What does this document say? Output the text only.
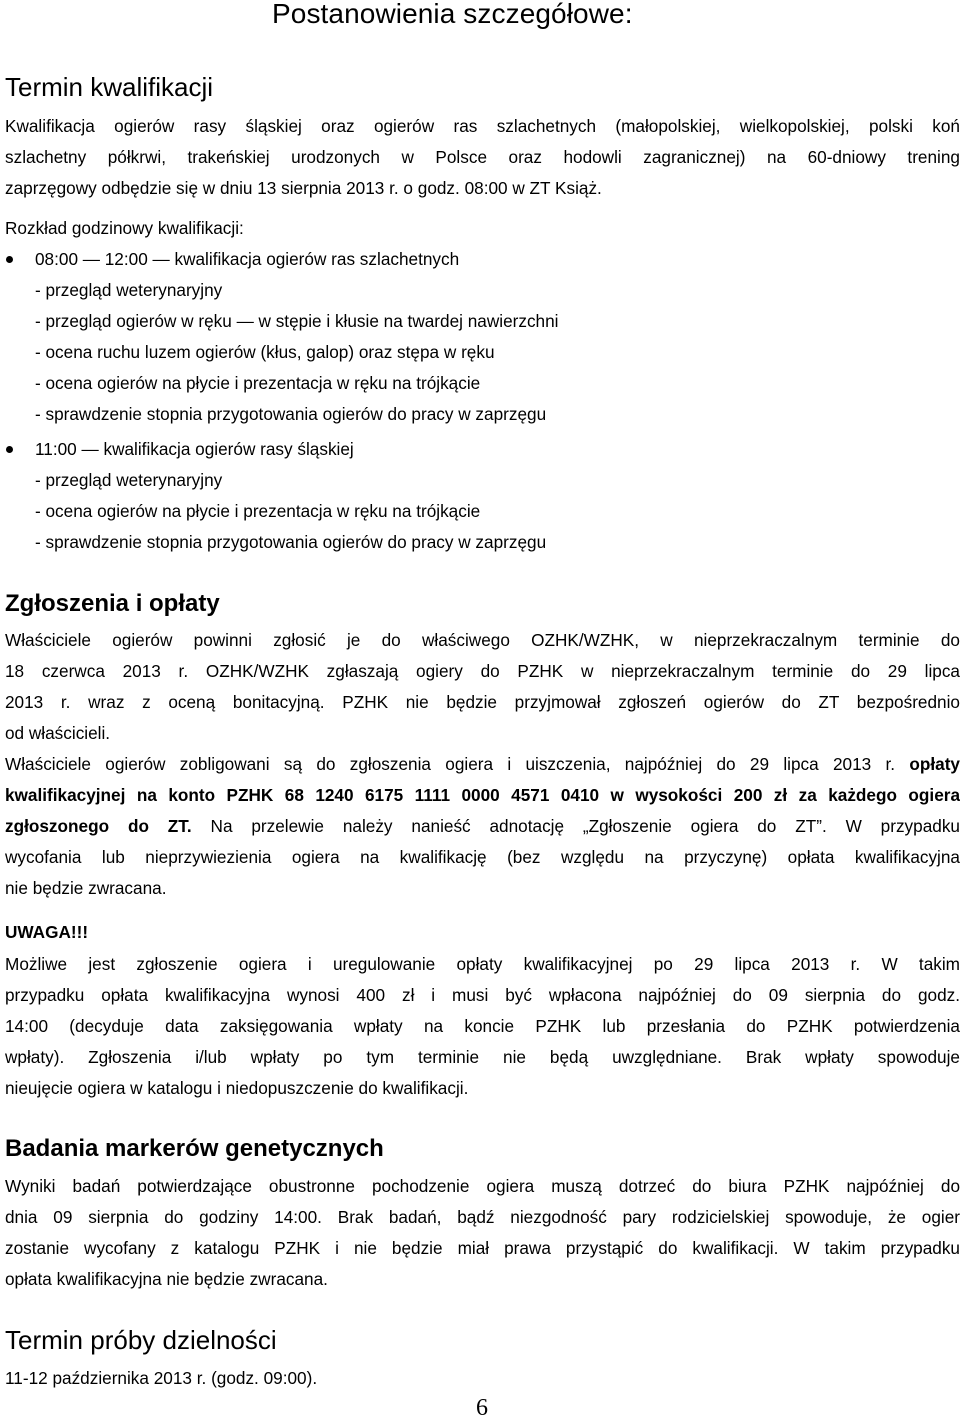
Postanowienia szczegółowe:
Termin kwalifikacji
Kwalifikacja ogierów rasy śląskiej oraz ogierów ras szlachetnych (małopolskiej, wielkopolskiej, polski koń
szlachetny półkrwi, trakeńskiej urodzonych w Polsce oraz hodowli zagranicznej) na 60-dniowy trening
zaprzęgowy odbędzie się w dniu 13 sierpnia 2013 r. o godz. 08:00 w ZT Książ.
Rozkład godzinowy kwalifikacji:
08:00 — 12:00 — kwalifikacja ogierów ras szlachetnych
- przegląd weterynaryjny
- przegląd ogierów w ręku — w stępie i kłusie na twardej nawierzchni
- ocena ruchu luzem ogierów (kłus, galop) oraz stępa w ręku
- ocena ogierów na płycie i prezentacja w ręku na trójkącie
- sprawdzenie stopnia przygotowania ogierów do pracy w zaprzęgu
11:00 — kwalifikacja ogierów rasy śląskiej
- przegląd weterynaryjny
- ocena ogierów na płycie i prezentacja w ręku na trójkącie
- sprawdzenie stopnia przygotowania ogierów do pracy w zaprzęgu
Zgłoszenia i opłaty
Właściciele ogierów powinni zgłosić je do właściwego OZHK/WZHK, w nieprzekraczalnym terminie do
18 czerwca 2013 r. OZHK/WZHK zgłaszają ogiery do PZHK w nieprzekraczalnym terminie do 29 lipca
2013 r. wraz z oceną bonitacyjną. PZHK nie będzie przyjmował zgłoszeń ogierów do ZT bezpośrednio
od właścicieli.
Właściciele ogierów zobligowani są do zgłoszenia ogiera i uiszczenia, najpóźniej do 29 lipca 2013 r. opłaty
kwalifikacyjnej na konto PZHK 68 1240 6175 1111 0000 4571 0410 w wysokości 200 zł za każdego ogiera
zgłoszonego do ZT. Na przelewie należy nanieść adnotację „Zgłoszenie ogiera do ZT”. W przypadku
wycofania lub nieprzywiezienia ogiera na kwalifikację (bez względu na przyczynę) opłata kwalifikacyjna
nie będzie zwracana.
UWAGA!!!
Możliwe jest zgłoszenie ogiera i uregulowanie opłaty kwalifikacyjnej po 29 lipca 2013 r. W takim
przypadku opłata kwalifikacyjna wynosi 400 zł i musi być wpłacona najpóźniej do 09 sierpnia do godz.
14:00 (decyduje data zaksięgowania wpłaty na koncie PZHK lub przesłania do PZHK potwierdzenia
wpłaty). Zgłoszenia i/lub wpłaty po tym terminie nie będą uwzględniane. Brak wpłaty spowoduje
nieujęcie ogiera w katalogu i niedopuszczenie do kwalifikacji.
Badania markerów genetycznych
Wyniki badań potwierdzające obustronne pochodzenie ogiera muszą dotrzeć do biura PZHK najpóźniej do
dnia 09 sierpnia do godziny 14:00. Brak badań, bądź niezgodność pary rodzicielskiej spowoduje, że ogier
zostanie wycofany z katalogu PZHK i nie będzie miał prawa przystąpić do kwalifikacji. W takim przypadku
opłata kwalifikacyjna nie będzie zwracana.
Termin próby dzielności
11-12 października 2013 r. (godz. 09:00).
6
